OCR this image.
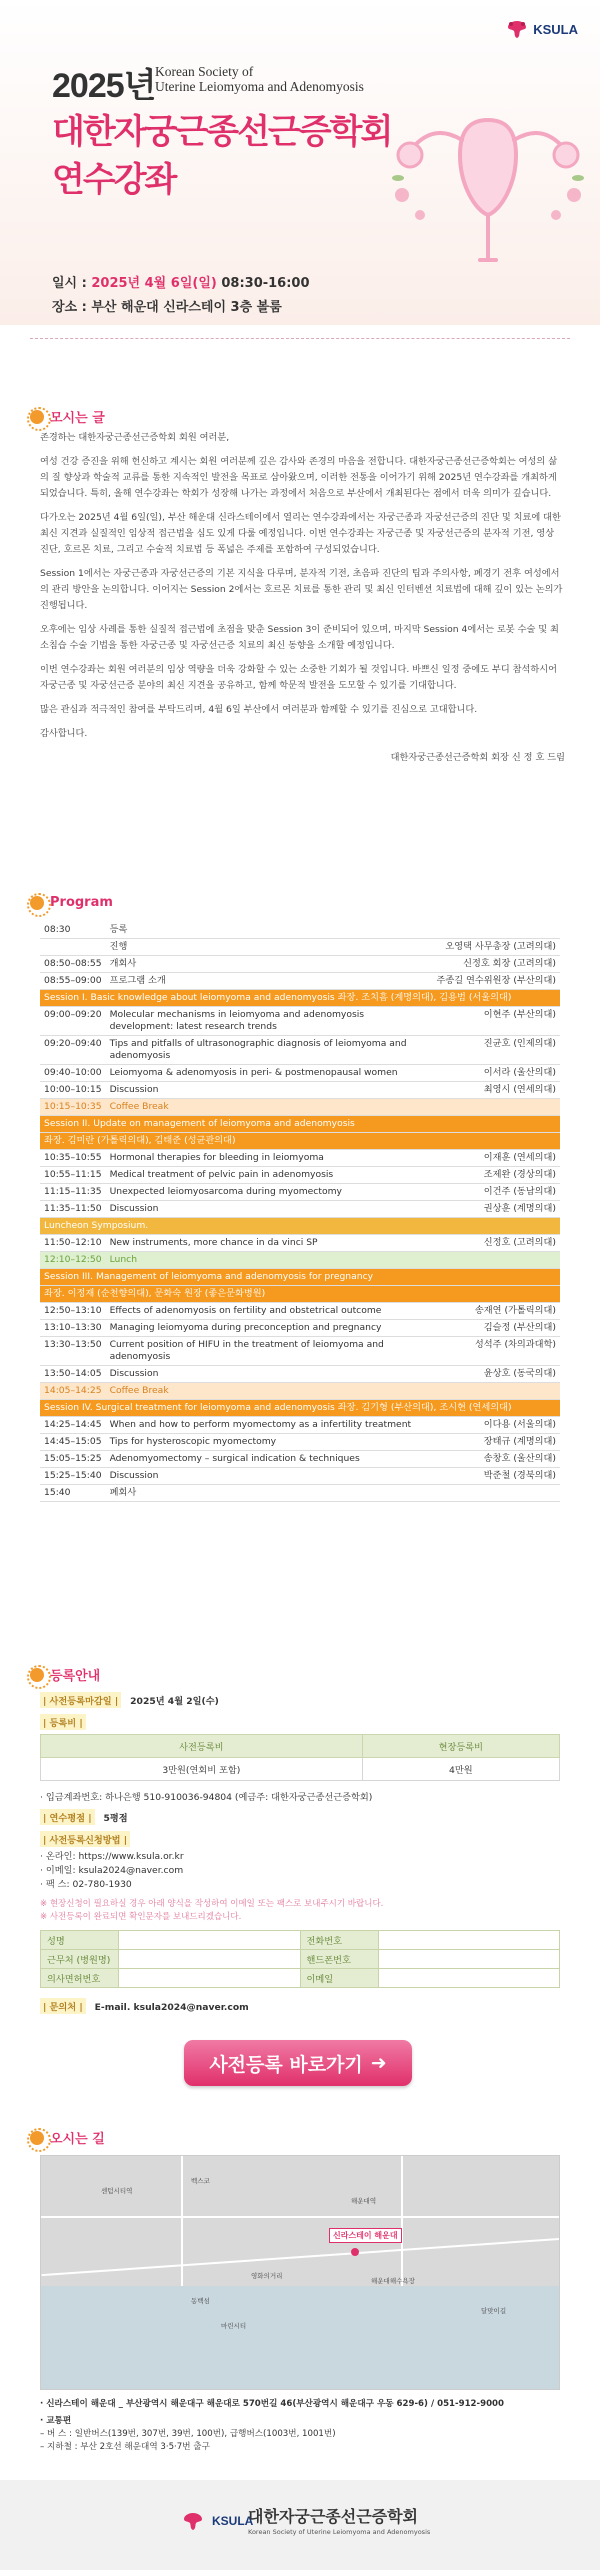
KSULA
2025년 Korean Society of
Uterine Leiomyoma and Adenomyosis
대한자궁근종선근증학회
연수강좌
일시 : 2025년 4월 6일(일) 08:30-16:00
장소 : 부산 해운대 신라스테이 3층 볼룸
모시는 글

존경하는 대한자궁근종선근증학회 회원 여러분,

여성 건강 증진을 위해 헌신하고 계시는 회원 여러분께 깊은 감사와 존경의 마음을 전합니다. 대한자궁근종선근증학회는 여성의 삶의 질 향상과 학술적 교류를 통한 지속적인 발전을 목표로 삼아왔으며, 이러한 전통을 이어가기 위해 2025년 연수강좌를 개최하게 되었습니다. 특히, 올해 연수강좌는 학회가 성장해 나가는 과정에서 처음으로 부산에서 개최된다는 점에서 더욱 의미가 깊습니다.

다가오는 2025년 4월 6일(일), 부산 해운대 신라스테이에서 열리는 연수강좌에서는 자궁근종과 자궁선근증의 진단 및 치료에 대한 최신 지견과 실질적인 임상적 접근법을 심도 있게 다룰 예정입니다. 이번 연수강좌는 자궁근종 및 자궁선근증의 분자적 기전, 영상 진단, 호르몬 치료, 그리고 수술적 치료법 등 폭넓은 주제를 포함하여 구성되었습니다.

Session 1에서는 자궁근종과 자궁선근증의 기본 지식을 다루며, 분자적 기전, 초음파 진단의 팁과 주의사항, 폐경기 전후 여성에서의 관리 방안을 논의합니다. 이어지는 Session 2에서는 호르몬 치료를 통한 관리 및 최신 인터벤션 치료법에 대해 깊이 있는 논의가 진행됩니다.

오후에는 임상 사례를 통한 실질적 접근법에 초점을 맞춘 Session 3이 준비되어 있으며, 마지막 Session 4에서는 로봇 수술 및 최소침습 수술 기법을 통한 자궁근종 및 자궁선근증 치료의 최신 동향을 소개할 예정입니다.

이번 연수강좌는 회원 여러분의 임상 역량을 더욱 강화할 수 있는 소중한 기회가 될 것입니다. 바쁘신 일정 중에도 부디 참석하시어 자궁근종 및 자궁선근증 분야의 최신 지견을 공유하고, 함께 학문적 발전을 도모할 수 있기를 기대합니다.

많은 관심과 적극적인 참여를 부탁드리며, 4월 6일 부산에서 여러분과 함께할 수 있기를 진심으로 고대합니다.

감사합니다.

대한자궁근종선근증학회 회장 신 정 호 드림

Program
08:30	등록	
	진행	오영택 사무총장 (고려의대)
08:50–08:55	개회사	신정호 회장 (고려의대)
08:55–09:00	프로그램 소개	주종길 연수위원장 (부산의대)
Session I. Basic knowledge about leiomyoma and adenomyosis 좌장. 조치흠 (계명의대), 김용범 (서울의대)		
09:00–09:20	Molecular mechanisms in leiomyoma and adenomyosis development: latest research trends	이현주 (부산의대)
09:20–09:40	Tips and pitfalls of ultrasonographic diagnosis of leiomyoma and adenomyosis	진균호 (인제의대)
09:40–10:00	Leiomyoma & adenomyosis in peri- & postmenopausal women	이서라 (울산의대)
10:00–10:15	Discussion	최영시 (연세의대)
10:15–10:35	Coffee Break	
Session II. Update on management of leiomyoma and adenomyosis		
좌장. 김미란 (가톨릭의대), 김태준 (성균관의대)		
10:35–10:55	Hormonal therapies for bleeding in leiomyoma	이재훈 (연세의대)
10:55–11:15	Medical treatment of pelvic pain in adenomyosis	조제완 (경상의대)
11:15–11:35	Unexpected leiomyosarcoma during myomectomy	이건주 (동남의대)
11:35–11:50	Discussion	권상훈 (계명의대)
Luncheon Symposium.		
11:50–12:10	New instruments, more chance in da vinci SP	신정호 (고려의대)
12:10–12:50	Lunch	
Session III. Management of leiomyoma and adenomyosis for pregnancy		
좌장. 이정재 (순천향의대), 문화숙 원장 (좋은문화병원)		
12:50–13:10	Effects of adenomyosis on fertility and obstetrical outcome	송재연 (가톨릭의대)
13:10–13:30	Managing leiomyoma during preconception and pregnancy	김슬정 (부산의대)
13:30–13:50	Current position of HIFU in the treatment of leiomyoma and adenomyosis	성석주 (차의과대학)
13:50–14:05	Discussion	윤상호 (동국의대)
14:05–14:25	Coffee Break	
Session IV. Surgical treatment for leiomyoma and adenomyosis 좌장. 김기형 (부산의대), 조시현 (연세의대)		
14:25–14:45	When and how to perform myomectomy as a infertility treatment	이다용 (서울의대)
14:45–15:05	Tips for hysteroscopic myomectomy	장태규 (계명의대)
15:05–15:25	Adenomyomectomy – surgical indication & techniques	송창호 (울산의대)
15:25–15:40	Discussion	박준철 (경북의대)
15:40	폐회사	
등록안내
| 사전등록마감일 | 2025년 4월 2일(수)
| 등록비 |
사전등록비	현장등록비
3만원(연회비 포함)	4만원
· 입금계좌번호: 하나은행 510-910036-94804 (예금주: 대한자궁근종선근증학회)
| 연수평점 | 5평점
| 사전등록신청방법 |
· 온라인: https://www.ksula.or.kr
· 이메일: ksula2024@naver.com
· 팩 스: 02-780-1930
※ 현장신청이 필요하실 경우 아래 양식을 작성하여 이메일 또는 팩스로 보내주시기 바랍니다.
※ 사전등록이 완료되면 확인문자를 보내드리겠습니다.
성명		전화번호	
근무처 (병원명)		핸드폰번호	
의사면허번호		이메일	
| 문의처 | E-mail. ksula2024@naver.com
사전등록 바로가기 ➜
오시는 길
해운대역
동백섬
해운대해수욕장
벡스코
센텀시티역
마린시티
영화의거리
달맞이길
신라스테이 해운대
· 신라스테이 해운대 _ 부산광역시 해운대구 해운대로 570번길 46(부산광역시 해운대구 우동 629-6) / 051-912-9000
· 교통편
– 버 스 : 일반버스(139번, 307번, 39번, 100번), 급행버스(1003번, 1001번)
– 지하철 : 부산 2호선 해운대역 3·5·7번 출구
KSULA
대한자궁근종선근증학회
Korean Society of Uterine Leiomyoma and Adenomyosis
